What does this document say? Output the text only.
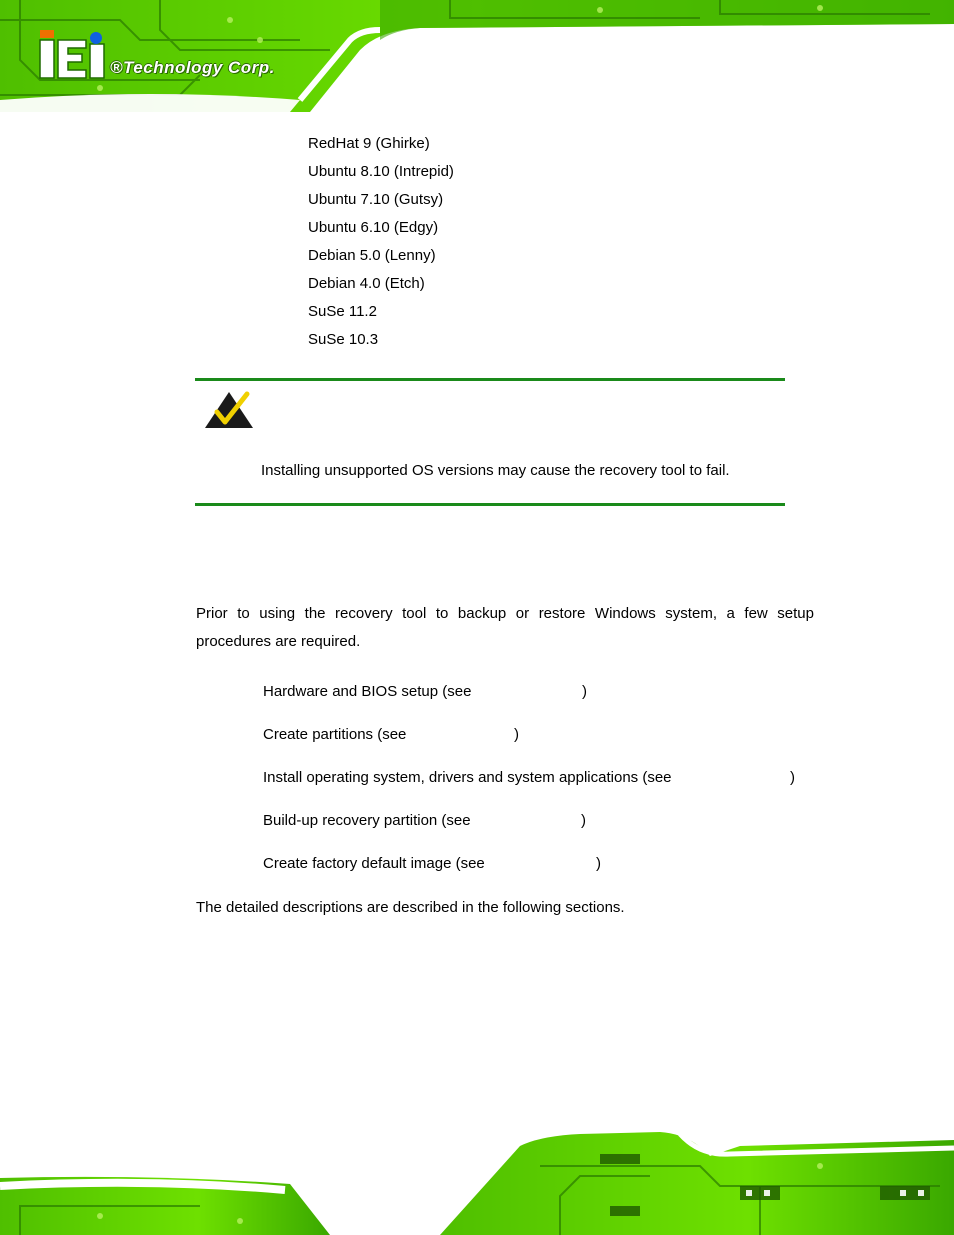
®Technology Corp.
RedHat 9 (Ghirke)
Ubuntu 8.10 (Intrepid)
Ubuntu 7.10 (Gutsy)
Ubuntu 6.10 (Edgy)
Debian 5.0 (Lenny)
Debian 4.0 (Etch)
SuSe 11.2
SuSe 10.3
Installing unsupported OS versions may cause the recovery tool to fail.
Prior to using the recovery tool to backup or restore Windows system, a few setup procedures are required.
Hardware and BIOS setup (see	)
Create partitions (see	)
Install operating system, drivers and system applications (see	)
Build-up recovery partition (see	)
Create factory default image (see	)
The detailed descriptions are described in the following sections.
